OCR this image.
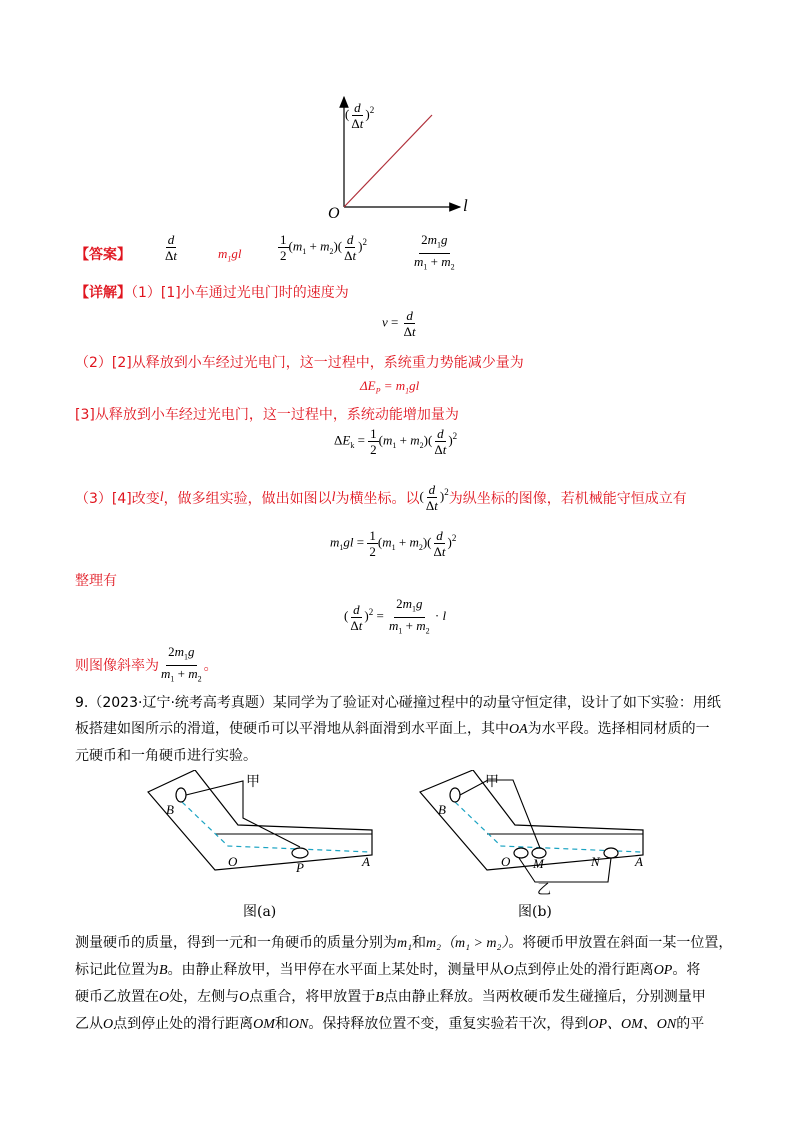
O	l
( $\frac{d}{\Delta t} )^2$
【答案】 $\frac{d}{\Delta t}$	$m_1gl$	$\frac{1}{2} (m_1 + m_2)( \frac{d}{\Delta t} )^2$	$\frac{2m_1g}{m_1 + m_2}$
【详解】（1）[1]小车通过光电门时的速度为
$v = \frac{d}{\Delta t}$
（2）[2]从释放到小车经过光电门，这一过程中，系统重力势能减少量为
$\Delta E_P = m_1gl$
[3]从释放到小车经过光电门，这一过程中，系统动能增加量为
$\Delta E_k = \frac{1}{2} (m_1 + m_2)( \frac{d}{\Delta t} )^2$
（3）[4]改变 l ，做多组实验，做出如图以 l 为横坐标。以 ( $\frac{d}{\Delta t} )^2$ 为纵坐标的图像，若机械能守恒成立有
$m_1gl = \frac{1}{2} (m_1 + m_2)( \frac{d}{\Delta t} )^2$
整理有
( $\frac{d}{\Delta t} )^2 = \frac{2m_1g}{m_1 + m_2} \cdot l$
则图像斜率为 $\frac{2m_1g}{m_1 + m_2}$ 。
9.（2023·辽宁·统考高考真题）某同学为了验证对心碰撞过程中的动量守恒定律，设计了如下实验：用纸
板搭建如图所示的滑道，使硬币可以平滑地从斜面滑到水平面上，其中OA为水平段。选择相同材质的一
元硬币和一角硬币进行实验。
甲
B
O	P	A
图(a)
甲
B
O M	N	A
乙
图(b)
测量硬币的质量，得到一元和一角硬币的质量分别为m₁和m₂（m₁ > m₂）。将硬币甲放置在斜面一某一位置，
标记此位置为B。由静止释放甲，当甲停在水平面上某处时，测量甲从O点到停止处的滑行距离OP。将
硬币乙放置在O处，左侧与O点重合，将甲放置于B点由静止释放。当两枚硬币发生碰撞后，分别测量甲
乙从O点到停止处的滑行距离OM和ON。保持释放位置不变，重复实验若干次，得到OP、OM、ON的平
